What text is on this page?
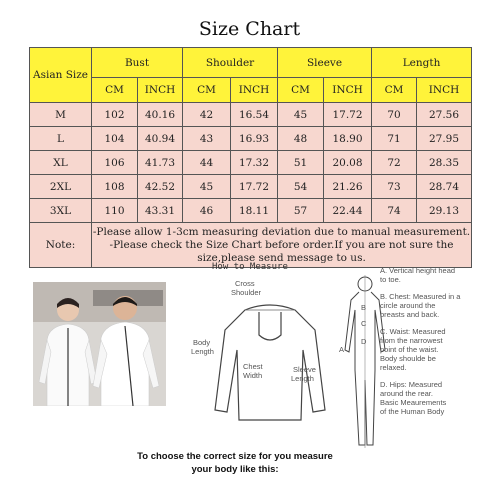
Size Chart
Asian Size	Bust		Shoulder		Sleeve		Length	
	CM	INCH	CM	INCH	CM	INCH	CM	INCH
M	102	40.16	42	16.54	45	17.72	70	27.56
L	104	40.94	43	16.93	48	18.90	71	27.95
XL	106	41.73	44	17.32	51	20.08	72	28.35
2XL	108	42.52	45	17.72	54	21.26	73	28.74
3XL	110	43.31	46	18.11	57	22.44	74	29.13
Note:	-Please allow 1-3cm measuring deviation due to manual measurement.
-Please check the Size Chart before order.If you are not sure the
size,please send message to us.							
How to Measure
Cross
Shoulder
Body
Length
Chest
Width
Sleeve
Length
A
B
C
D
A. Vertical height head
to toe.
B. Chest: Measured in a
circle around the
breasts and back.
C. Waist: Measured
from the narrowest
point of the waist.
Body shoulde be
relaxed.
D. Hips: Measured
around the rear.
Basic Meaurements
of the Human Body
To choose the correct size for you measure
your body like this:
